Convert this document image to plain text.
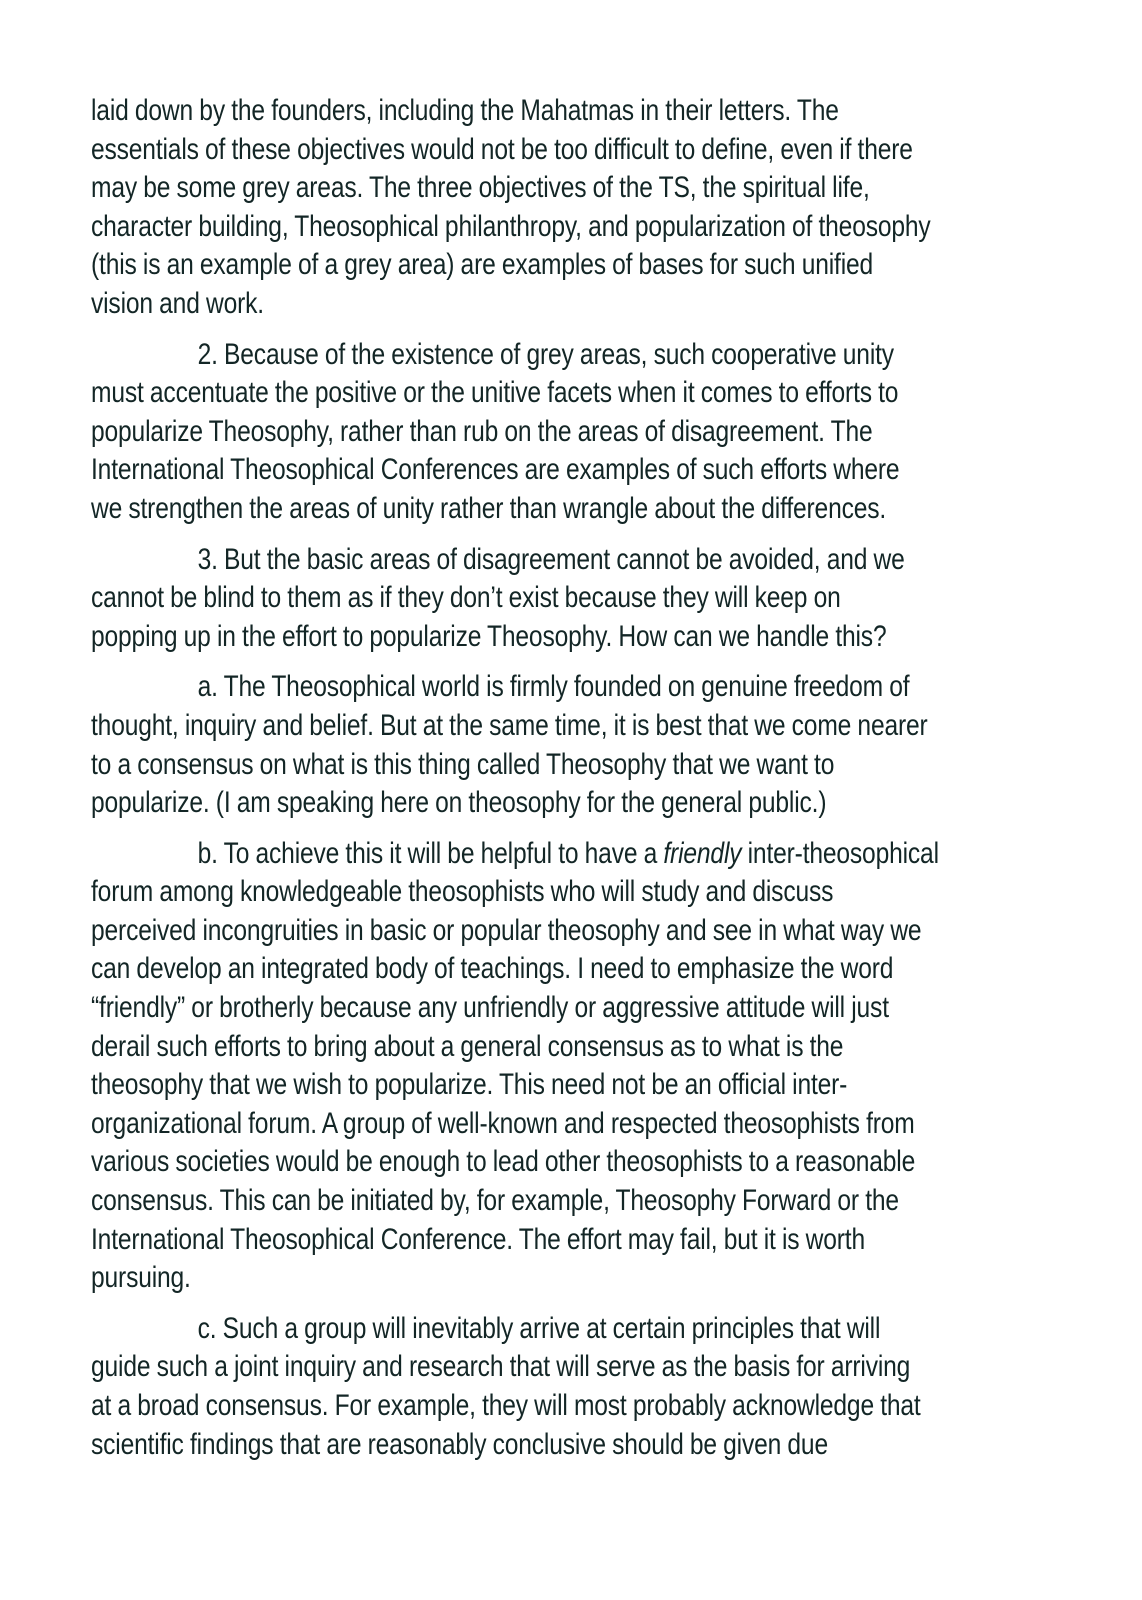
laid down by the founders, including the Mahatmas in their letters. The
essentials of these objectives would not be too difficult to define, even if there
may be some grey areas. The three objectives of the TS, the spiritual life,
character building, Theosophical philanthropy, and popularization of theosophy
(this is an example of a grey area) are examples of bases for such unified
vision and work.

2. Because of the existence of grey areas, such cooperative unity
must accentuate the positive or the unitive facets when it comes to efforts to
popularize Theosophy, rather than rub on the areas of disagreement. The
International Theosophical Conferences are examples of such efforts where
we strengthen the areas of unity rather than wrangle about the differences.

3. But the basic areas of disagreement cannot be avoided, and we
cannot be blind to them as if they don’t exist because they will keep on
popping up in the effort to popularize Theosophy. How can we handle this?

a. The Theosophical world is firmly founded on genuine freedom of
thought, inquiry and belief. But at the same time, it is best that we come nearer
to a consensus on what is this thing called Theosophy that we want to
popularize. (I am speaking here on theosophy for the general public.)

b. To achieve this it will be helpful to have a friendly inter-theosophical
forum among knowledgeable theosophists who will study and discuss
perceived incongruities in basic or popular theosophy and see in what way we
can develop an integrated body of teachings. I need to emphasize the word
“friendly” or brotherly because any unfriendly or aggressive attitude will just
derail such efforts to bring about a general consensus as to what is the
theosophy that we wish to popularize. This need not be an official inter-
organizational forum. A group of well-known and respected theosophists from
various societies would be enough to lead other theosophists to a reasonable
consensus. This can be initiated by, for example, Theosophy Forward or the
International Theosophical Conference. The effort may fail, but it is worth
pursuing.

c. Such a group will inevitably arrive at certain principles that will
guide such a joint inquiry and research that will serve as the basis for arriving
at a broad consensus. For example, they will most probably acknowledge that
scientific findings that are reasonably conclusive should be given due
